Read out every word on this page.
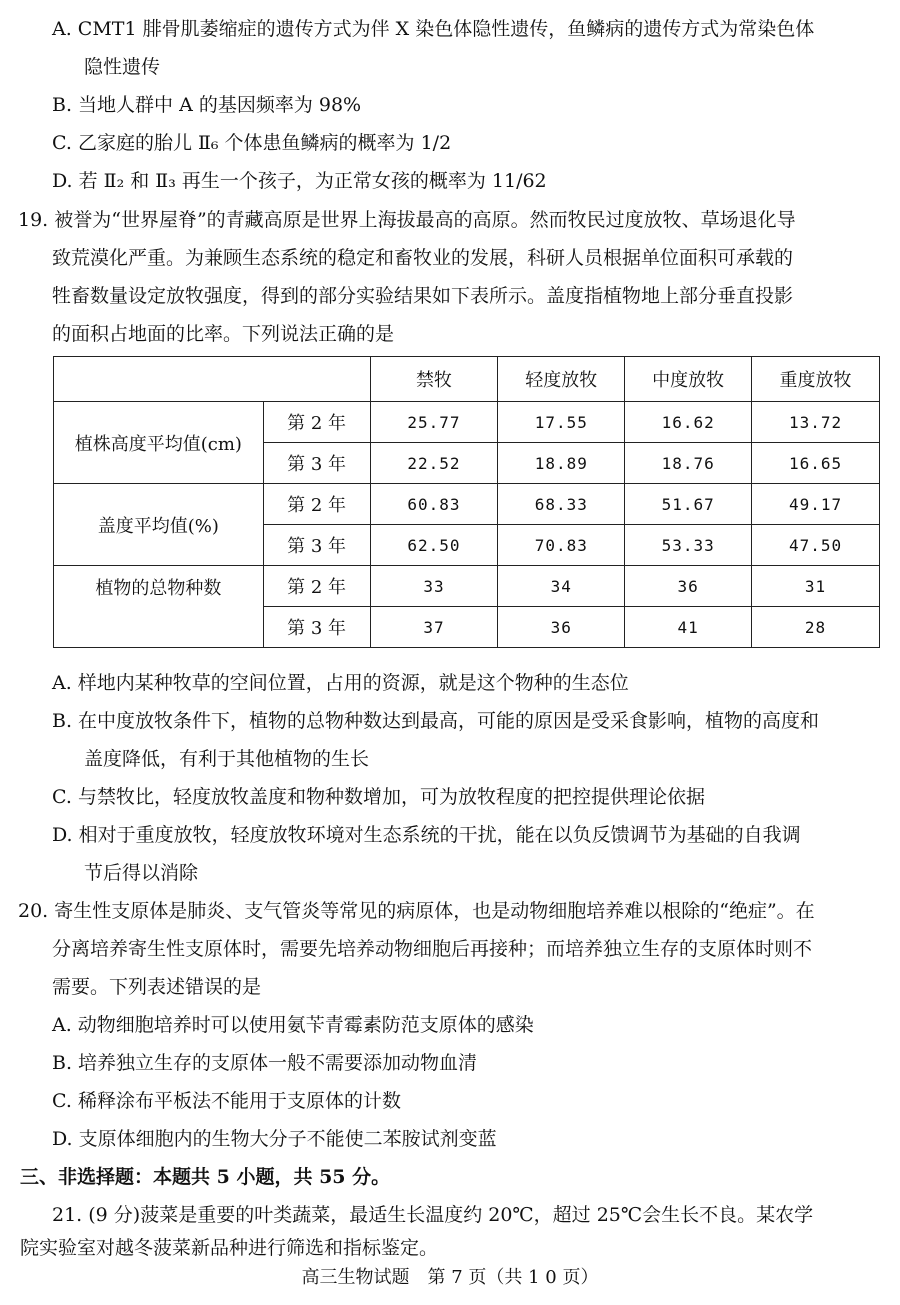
A. CMT1 腓骨肌萎缩症的遗传方式为伴 X 染色体隐性遗传，鱼鳞病的遗传方式为常染色体
隐性遗传
B. 当地人群中 A 的基因频率为 98%
C. 乙家庭的胎儿 Ⅱ₆ 个体患鱼鳞病的概率为 1/2
D. 若 Ⅱ₂ 和 Ⅱ₃ 再生一个孩子，为正常女孩的概率为 11/62
19. 被誉为“世界屋脊”的青藏高原是世界上海拔最高的高原。然而牧民过度放牧、草场退化导
致荒漠化严重。为兼顾生态系统的稳定和畜牧业的发展，科研人员根据单位面积可承载的
牲畜数量设定放牧强度，得到的部分实验结果如下表所示。盖度指植物地上部分垂直投影
的面积占地面的比率。下列说法正确的是
		禁牧	轻度放牧	中度放牧	重度放牧
植株高度平均值(cm)	第 2 年	25.77	17.55	16.62	13.72
	第 3 年	22.52	18.89	18.76	16.65
盖度平均值(%)	第 2 年	60.83	68.33	51.67	49.17
	第 3 年	62.50	70.83	53.33	47.50
植物的总物种数	第 2 年	33	34	36	31
	第 3 年	37	36	41	28
A. 样地内某种牧草的空间位置，占用的资源，就是这个物种的生态位
B. 在中度放牧条件下，植物的总物种数达到最高，可能的原因是受采食影响，植物的高度和
盖度降低，有利于其他植物的生长
C. 与禁牧比，轻度放牧盖度和物种数增加，可为放牧程度的把控提供理论依据
D. 相对于重度放牧，轻度放牧环境对生态系统的干扰，能在以负反馈调节为基础的自我调
节后得以消除
20. 寄生性支原体是肺炎、支气管炎等常见的病原体，也是动物细胞培养难以根除的“绝症”。在
分离培养寄生性支原体时，需要先培养动物细胞后再接种；而培养独立生存的支原体时则不
需要。下列表述错误的是
A. 动物细胞培养时可以使用氨苄青霉素防范支原体的感染
B. 培养独立生存的支原体一般不需要添加动物血清
C. 稀释涂布平板法不能用于支原体的计数
D. 支原体细胞内的生物大分子不能使二苯胺试剂变蓝
三、非选择题：本题共 5 小题，共 55 分。
21. (9 分)菠菜是重要的叶类蔬菜，最适生长温度约 20℃，超过 25℃会生长不良。某农学
院实验室对越冬菠菜新品种进行筛选和指标鉴定。
高三生物试题　第 7 页（共 1 0 页）
